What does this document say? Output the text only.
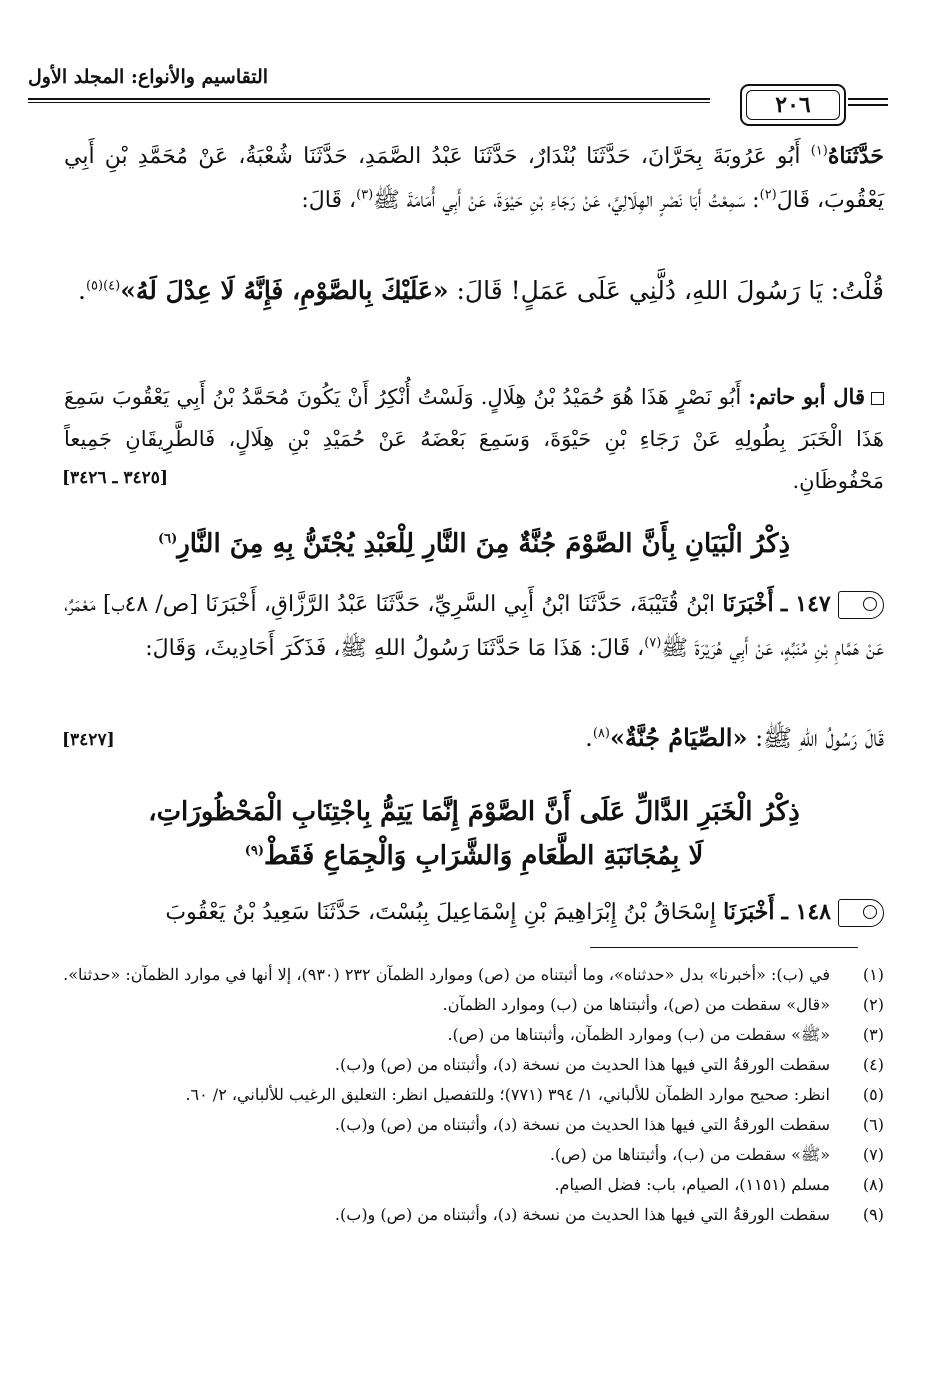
التقاسيم والأنواع: المجلد الأول
٢٠٦
حَدَّثَنَاهُ$^{(١)}$ أَبُو عَرُوبَةَ بِحَرَّانَ، حَدَّثَنَا بُنْدَارٌ، حَدَّثَنَا عَبْدُ الصَّمَدِ، حَدَّثَنَا شُعْبَةُ، عَنْ مُحَمَّدِ بْنِ أَبِي يَعْقُوبَ، قَالَ$^{(٢)}$: سَمِعْتُ أَبَا نَصْرٍ الهِلَالِيَّ، عَنْ رَجَاءِ بْنِ حَيْوَةَ، عَنْ أَبِي أُمَامَةَ ﷺ$^{(٣)}$، قَالَ:
قُلْتُ: يَا رَسُولَ اللهِ، دُلَّنِي عَلَى عَمَلٍ! قَالَ: «عَلَيْكَ بِالصَّوْمِ، فَإِنَّهُ لَا عِدْلَ لَهُ»$^{(٤)(٥)}$.
قال أبو حاتم: أَبُو نَصْرٍ هَذَا هُوَ حُمَيْدُ بْنُ هِلَالٍ. وَلَسْتُ أُنْكِرُ أَنْ يَكُونَ مُحَمَّدُ بْنُ أَبِي يَعْقُوبَ سَمِعَ هَذَا الْخَبَرَ بِطُولِهِ عَنْ رَجَاءِ بْنِ حَيْوَةَ، وَسَمِعَ بَعْضَهُ عَنْ حُمَيْدِ بْنِ هِلَالٍ، فَالطَّرِيقَانِ جَمِيعاً مَحْفُوظَانِ.
[٣٤٢٥ ـ ٣٤٢٦]
ذِكْرُ الْبَيَانِ بِأَنَّ الصَّوْمَ جُنَّةٌ مِنَ النَّارِ لِلْعَبْدِ يُجْتَنُّ بِهِ مِنَ النَّارِ$^{(٦)}$
١٤٧ ـ أَخْبَرَنَا ابْنُ قُتَيْبَةَ، حَدَّثَنَا ابْنُ أَبِي السَّرِيِّ، حَدَّثَنَا عَبْدُ الرَّزَّاقِ، أَخْبَرَنَا [ص/ ٤٨ب] مَعْمَرٌ، عَنْ هَمَّامِ بْنِ مُنَبِّهٍ، عَنْ أَبِي هُرَيْرَةَ ﷺ$^{(٧)}$، قَالَ: هَذَا مَا حَدَّثَنَا رَسُولُ اللهِ ﷺ، فَذَكَرَ أَحَادِيثَ، وَقَالَ:
قَالَ رَسُولُ اللهِ ﷺ: «الصِّيَامُ جُنَّةٌ»$^{(٨)}$.
[٣٤٢٧]
ذِكْرُ الْخَبَرِ الدَّالِّ عَلَى أَنَّ الصَّوْمَ إِنَّمَا يَتِمُّ بِاجْتِنَابِ الْمَحْظُورَاتِ،
لَا بِمُجَانَبَةِ الطَّعَامِ وَالشَّرَابِ وَالْجِمَاعِ فَقَطْ$^{(٩)}$
١٤٨ ـ أَخْبَرَنَا إِسْحَاقُ بْنُ إِبْرَاهِيمَ بْنِ إِسْمَاعِيلَ بِبُسْتَ، حَدَّثَنَا سَعِيدُ بْنُ يَعْقُوبَ
(١)
في (ب): «أخبرنا» بدل «حدثناه»، وما أثبتناه من (ص) وموارد الظمآن ٢٣٢ (٩٣٠)، إلا أنها في موارد الظمآن: «حدثنا».
(٢)
«قال» سقطت من (ص)، وأثبتناها من (ب) وموارد الظمآن.
(٣)
«ﷺ» سقطت من (ب) وموارد الظمآن، وأثبتناها من (ص).
(٤)
سقطت الورقةُ التي فيها هذا الحديث من نسخة (د)، وأثبتناه من (ص) و(ب).
(٥)
انظر: صحيح موارد الظمآن للألباني، ١/ ٣٩٤ (٧٧١)؛ وللتفصيل انظر: التعليق الرغيب للألباني، ٢/ ٦٠.
(٦)
سقطت الورقةُ التي فيها هذا الحديث من نسخة (د)، وأثبتناه من (ص) و(ب).
(٧)
«ﷺ» سقطت من (ب)، وأثبتناها من (ص).
(٨)
مسلم (١١٥١)، الصيام، باب: فضل الصيام.
(٩)
سقطت الورقةُ التي فيها هذا الحديث من نسخة (د)، وأثبتناه من (ص) و(ب).
